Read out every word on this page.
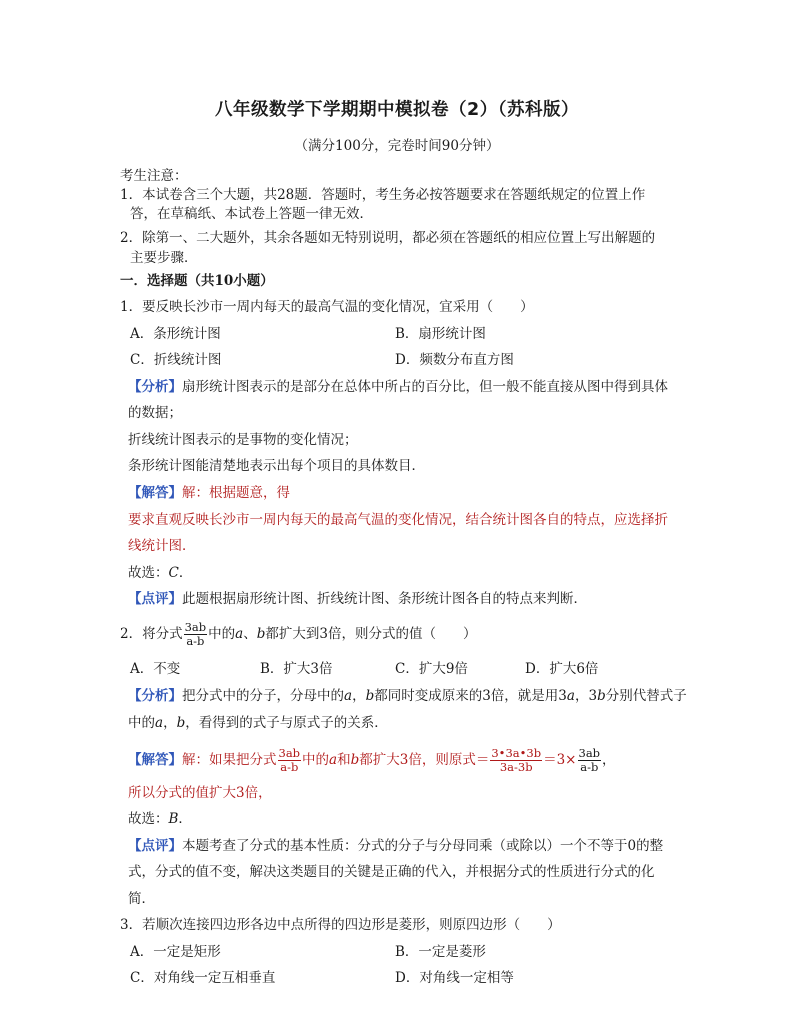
八年级数学下学期期中模拟卷（2）（苏科版）
（满分100分，完卷时间90分钟）
考生注意：
1．本试卷含三个大题，共28题．答题时，考生务必按答题要求在答题纸规定的位置上作
答，在草稿纸、本试卷上答题一律无效．
2．除第一、二大题外，其余各题如无特别说明，都必须在答题纸的相应位置上写出解题的
主要步骤．
一．选择题（共10小题）
1．要反映长沙市一周内每天的最高气温的变化情况，宜采用（　　）
A．条形统计图	B．扇形统计图
C．折线统计图	D．频数分布直方图
【分析】扇形统计图表示的是部分在总体中所占的百分比，但一般不能直接从图中得到具体
的数据；
折线统计图表示的是事物的变化情况；
条形统计图能清楚地表示出每个项目的具体数目．
【解答】解：根据题意，得
要求直观反映长沙市一周内每天的最高气温的变化情况，结合统计图各自的特点，应选择折
线统计图．
故选：C．
【点评】此题根据扇形统计图、折线统计图、条形统计图各自的特点来判断．
2．将分式 $\frac{3ab}{a-b}$ 中的a、b都扩大到3倍，则分式的值（　　）
A．不变	B．扩大3倍	C．扩大9倍	D．扩大6倍
【分析】把分式中的分子，分母中的a，b都同时变成原来的3倍，就是用3a，3b分别代替式子
中的a，b，看得到的式子与原式子的关系．
【解答】解：如果把分式 $\frac{3ab}{a-b}$ 中的a和b都扩大3倍，则原式＝ $\frac{3•3a•3b}{3a-3b} =3\times \frac{3ab}{a-b}$ ，
所以分式的值扩大3倍，
故选：B．
【点评】本题考查了分式的基本性质：分式的分子与分母同乘（或除以）一个不等于0的整
式，分式的值不变，解决这类题目的关键是正确的代入，并根据分式的性质进行分式的化
简．
3．若顺次连接四边形各边中点所得的四边形是菱形，则原四边形（　　）
A．一定是矩形	B．一定是菱形
C．对角线一定互相垂直	D．对角线一定相等
